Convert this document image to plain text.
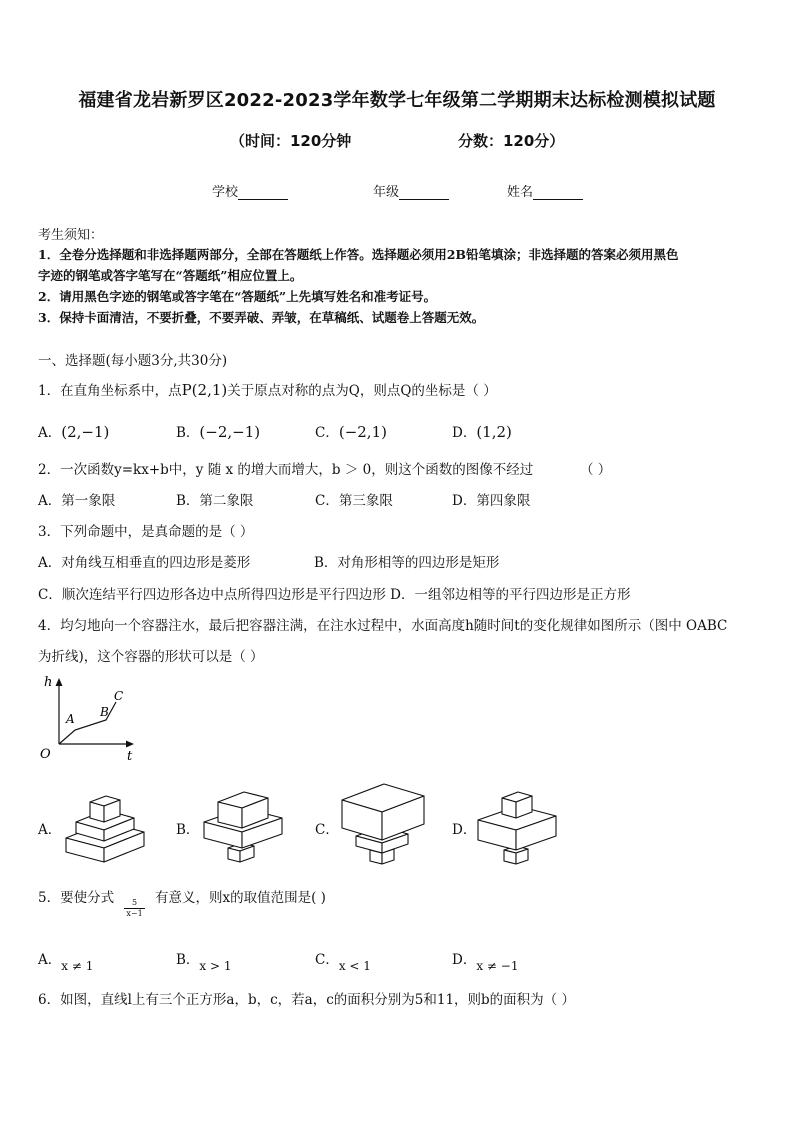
福建省龙岩新罗区2022-2023学年数学七年级第二学期期末达标检测模拟试题
（时间：120分钟	分数：120分）
学校	年级	姓名
考生须知：
1．全卷分选择题和非选择题两部分，全部在答题纸上作答。选择题必须用2B铅笔填涂；非选择题的答案必须用黑色
字迹的钢笔或答字笔写在“答题纸”相应位置上。
2．请用黑色字迹的钢笔或答字笔在“答题纸”上先填写姓名和准考证号。
3．保持卡面清洁，不要折叠，不要弄破、弄皱，在草稿纸、试题卷上答题无效。
一、选择题(每小题3分,共30分)
1．在直角坐标系中，点P(2,1)关于原点对称的点为Q，则点Q的坐标是（ ）
A．(2,−1)	B．(−2,−1)	C．(−2,1)	D．(1,2)
2．一次函数y=kx+b中，y 随 x 的增大而增大，b ＞ 0，则这个函数的图像不经过	（ ）
A．第一象限	B．第二象限	C．第三象限	D．第四象限
3．下列命题中，是真命题的是（ ）
A．对角线互相垂直的四边形是菱形	B．对角形相等的四边形是矩形
C．顺次连结平行四边形各边中点所得四边形是平行四边形 D．一组邻边相等的平行四边形是正方形
4．均匀地向一个容器注水，最后把容器注满，在注水过程中，水面高度h随时间t的变化规律如图所示（图中 OABC
为折线)，这个容器的形状可以是（ ）
h
t
O
A B
C
A．	B．	C．	D．
5．要使分式 $\frac{5}{x-1}$ 有意义，则x的取值范围是( )
A．x ≠ 1	B．x > 1	C．x < 1	D．x ≠ −1
6．如图，直线l上有三个正方形a，b，c，若a，c的面积分别为5和11，则b的面积为（ ）
